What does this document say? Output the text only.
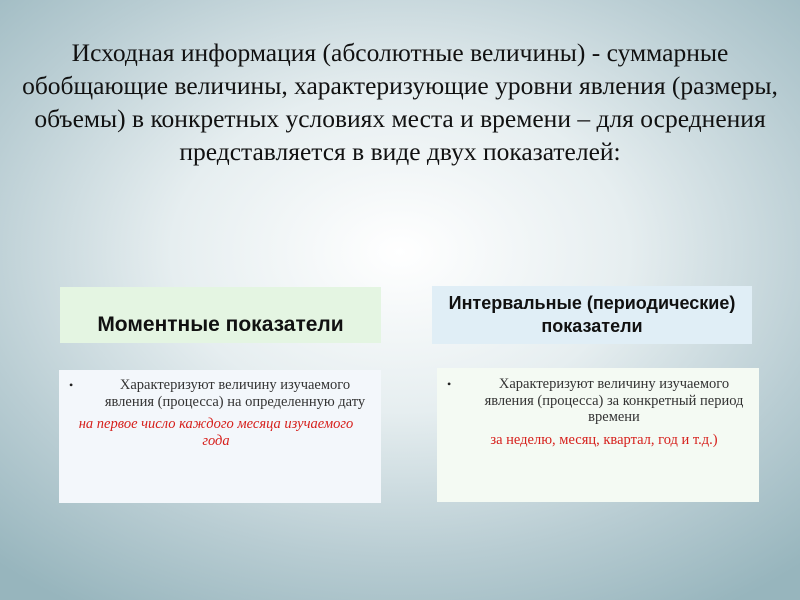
Исходная информация (абсолютные величины) - суммарные обобщающие величины, характеризующие уровни явления (размеры, объемы) в конкретных условиях места и времени – для осреднения представляется в виде двух показателей:
Моментные показатели
Интервальные (периодические) показатели
•	Характеризуют величину изучаемого явления (процесса) на определенную дату
на первое число каждого месяца изучаемого года
•	Характеризуют величину изучаемого явления (процесса) за конкретный период времени
за неделю, месяц, квартал, год и т.д.)
